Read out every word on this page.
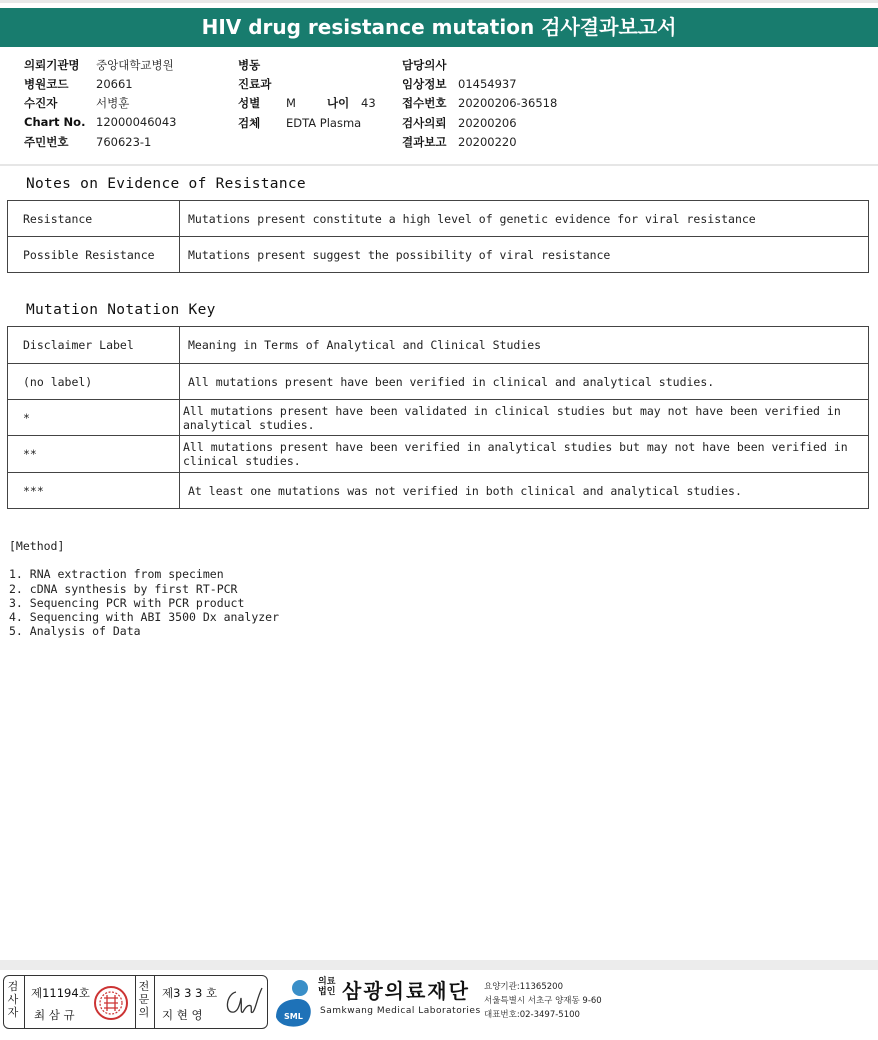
HIV drug resistance mutation 검사결과보고서
의뢰기관명 중앙대학교병원
병원코드 20661
수진자	서병훈
Chart No. 12000046043
주민번호 760623-1
병동
진료과
성별 M	나이 43
검체 EDTA Plasma
담당의사
임상정보 01454937
접수번호 20200206-36518
검사의뢰 20200206
결과보고 20200220
Notes on Evidence of Resistance
Resistance	Mutations present constitute a high level of genetic evidence for viral resistance
Possible Resistance	Mutations present suggest the possibility of viral resistance
Mutation Notation Key
Disclaimer Label	Meaning in Terms of Analytical and Clinical Studies
(no label)	All mutations present have been verified in clinical and analytical studies.
*	All mutations present have been validated in clinical studies but may not have been verified in analytical studies.
**	All mutations present have been verified in analytical studies but may not have been verified in clinical studies.
***	At least one mutations was not verified in both clinical and analytical studies.
[Method]
1. RNA extraction from specimen
2. cDNA synthesis by first RT-PCR
3. Sequencing PCR with PCR product
4. Sequencing with ABI 3500 Dx analyzer
5. Analysis of Data
검
사
자
제11194호
최 삼 규
전
문
의
제3 3 3 호
지 현 영	SML
의료법인 삼광의료재단
Samkwang Medical Laboratories
요양기관:11365200
서울특별시 서초구 양재동 9-60
대표번호:02-3497-5100
